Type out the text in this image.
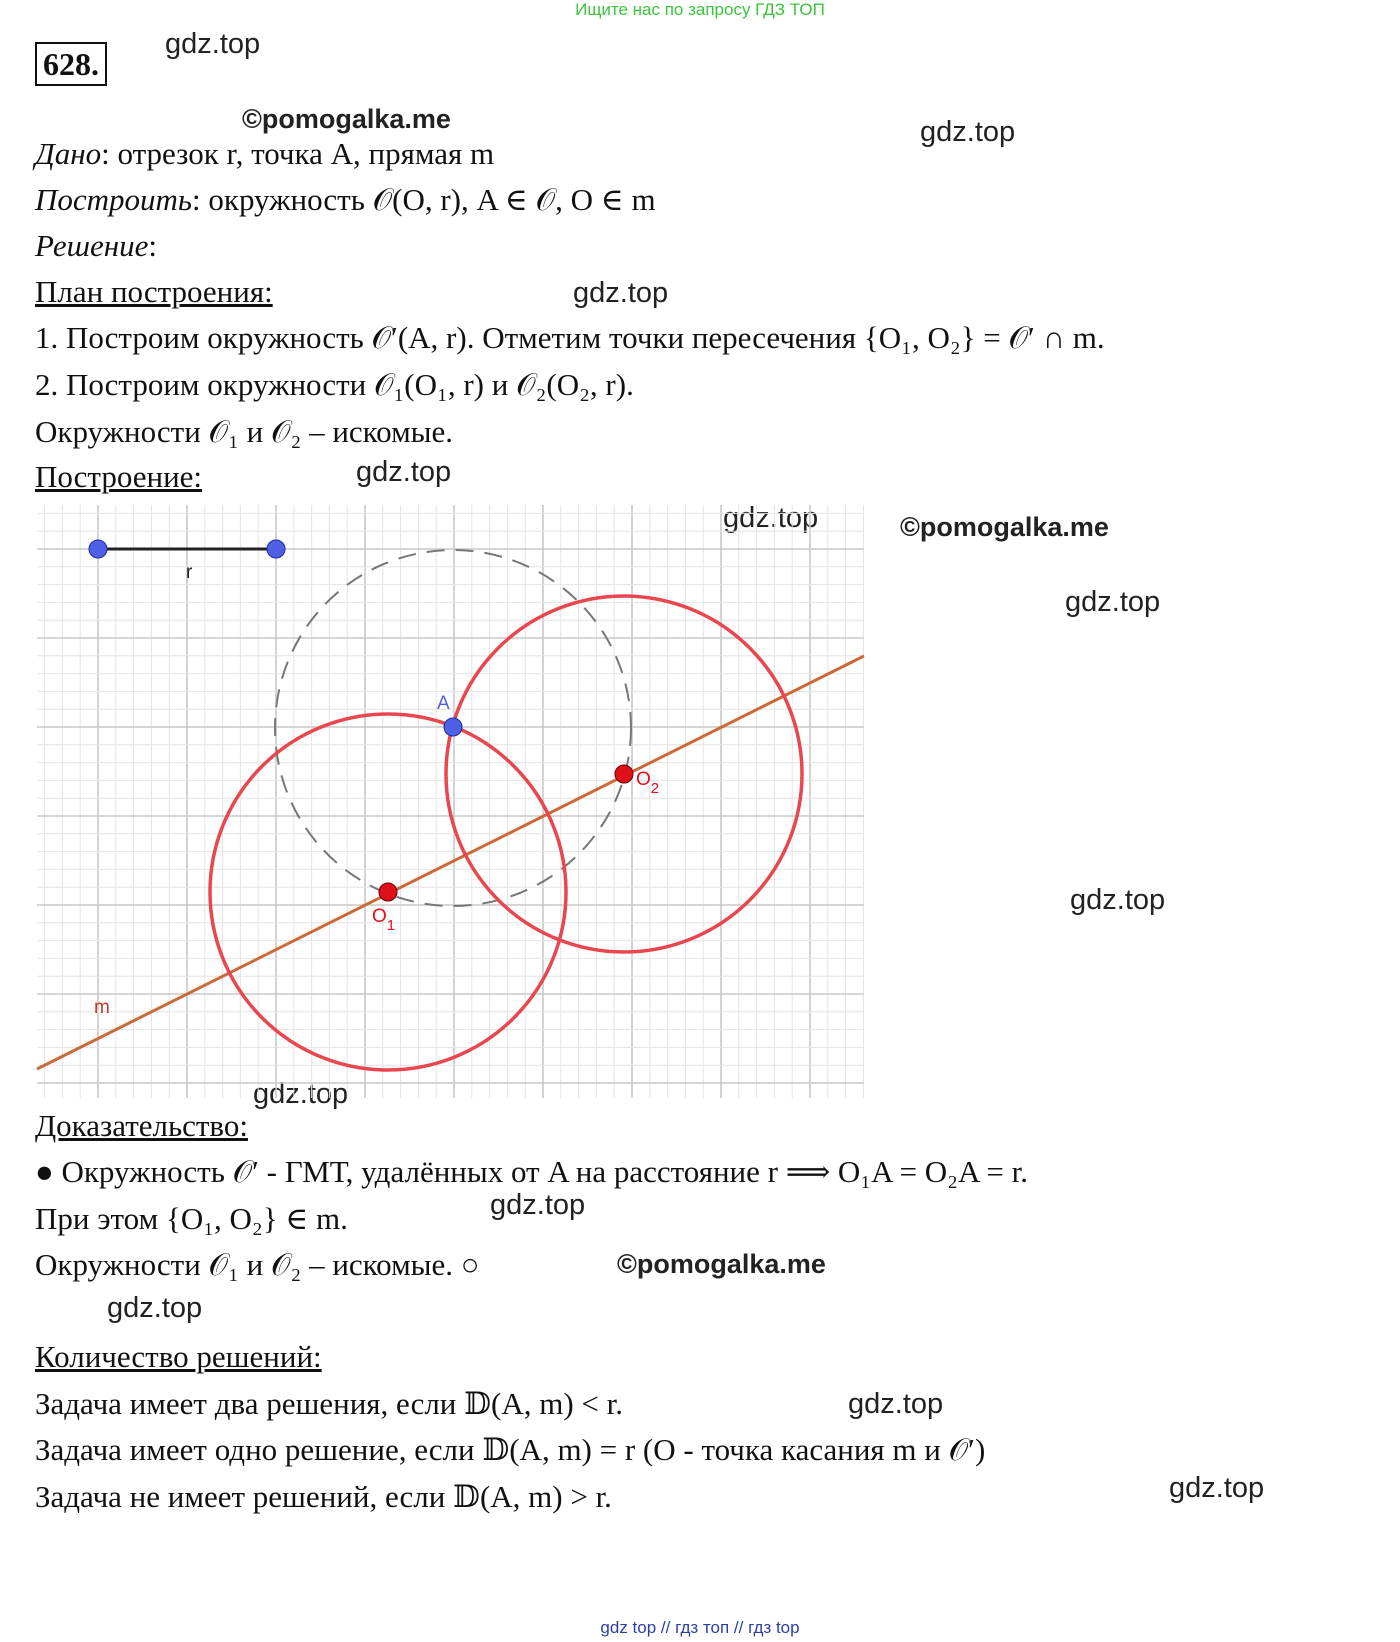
Ищите нас по запросу ГДЗ ТОП
628.
gdz.top
©pomogalka.me	gdz.top
gdz.top
gdz.top
gdz.top	©pomogalka.me
gdz.top
gdz.top
gdz.top
gdz.top
©pomogalka.me
gdz.top
gdz.top
gdz.top
Дано: отрезок r, точка A, прямая m
Построить: окружность 𝒪(O, r), A ∈ 𝒪, O ∈ m
Решение:
План построения:
1. Построим окружность 𝒪′(A, r). Отметим точки пересечения {O₁, O₂} = 𝒪′ ∩ m.
2. Построим окружности 𝒪₁(O₁, r) и 𝒪₂(O₂, r).
Окружности 𝒪₁ и 𝒪₂ – искомые.
Построение:
r
A
$O_1$
$O_2$
m
Доказательство:
● Окружность 𝒪′ - ГМТ, удалённых от A на расстояние r ⟹ O₁A = O₂A = r.
При этом {O₁, O₂} ∈ m.
Окружности 𝒪₁ и 𝒪₂ – искомые. ○
Количество решений:
Задача имеет два решения, если 𝔻(A, m) < r.
Задача имеет одно решение, если 𝔻(A, m) = r (O - точка касания m и 𝒪′)
Задача не имеет решений, если 𝔻(A, m) > r.
gdz top // гдз топ // гдз top
